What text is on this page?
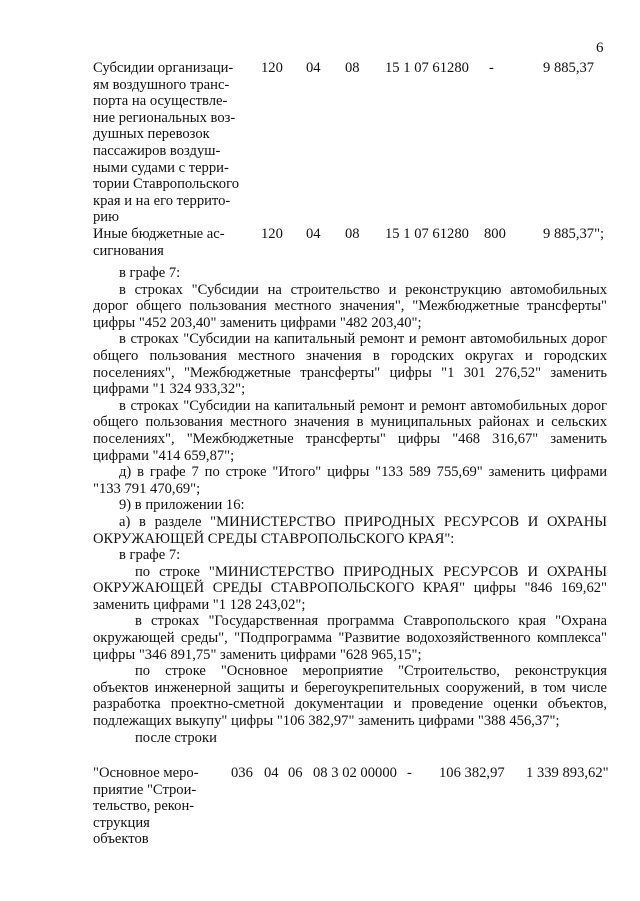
6
Субсидии организаци-
ям воздушного транс-
порта на осуществле-
ние региональных воз-
душных перевозок
пассажиров воздуш-
ными судами с терри-
тории Ставропольского
края и на его террито-
рию
120 04 08 15 1 07 61280 -	9 885,37
Иные бюджетные ас-
сигнования
120 04 08 15 1 07 61280 800	9 885,37";

в графе 7:

в строках "Субсидии на строительство и реконструкцию автомобильных дорог общего пользования местного значения", "Межбюджетные трансферты" цифры "452 203,40" заменить цифрами "482 203,40";

в строках "Субсидии на капитальный ремонт и ремонт автомобильных дорог общего пользования местного значения в городских округах и городских поселениях", "Межбюджетные трансферты" цифры "1 301 276,52" заменить цифрами "1 324 933,32";

в строках "Субсидии на капитальный ремонт и ремонт автомобильных дорог общего пользования местного значения в муниципальных районах и сельских поселениях", "Межбюджетные трансферты" цифры "468 316,67" заменить цифрами "414 659,87";

д) в графе 7 по строке "Итого" цифры "133 589 755,69" заменить цифрами "133 791 470,69";

9) в приложении 16:

а) в разделе "МИНИСТЕРСТВО ПРИРОДНЫХ РЕСУРСОВ И ОХРАНЫ ОКРУЖАЮЩЕЙ СРЕДЫ СТАВРОПОЛЬСКОГО КРАЯ":

в графе 7:

по строке "МИНИСТЕРСТВО ПРИРОДНЫХ РЕСУРСОВ И ОХРАНЫ ОКРУЖАЮЩЕЙ СРЕДЫ СТАВРОПОЛЬСКОГО КРАЯ" цифры "846 169,62" заменить цифрами "1 128 243,02";

в строках "Государственная программа Ставропольского края "Охрана окружающей среды", "Подпрограмма "Развитие водохозяйственного комплекса" цифры "346 891,75" заменить цифрами "628 965,15";

по строке "Основное мероприятие "Строительство, реконструкция объектов инженерной защиты и берегоукрепительных сооружений, в том числе разработка проектно-сметной документации и проведение оценки объектов, подлежащих выкупу" цифры "106 382,97" заменить цифрами "388 456,37";

после строки

"Основное меро-
приятие "Строи-
тельство, рекон-
струкция объектов
036 04 06 08 3 02 00000 - 106 382,97 1 339 893,62"
